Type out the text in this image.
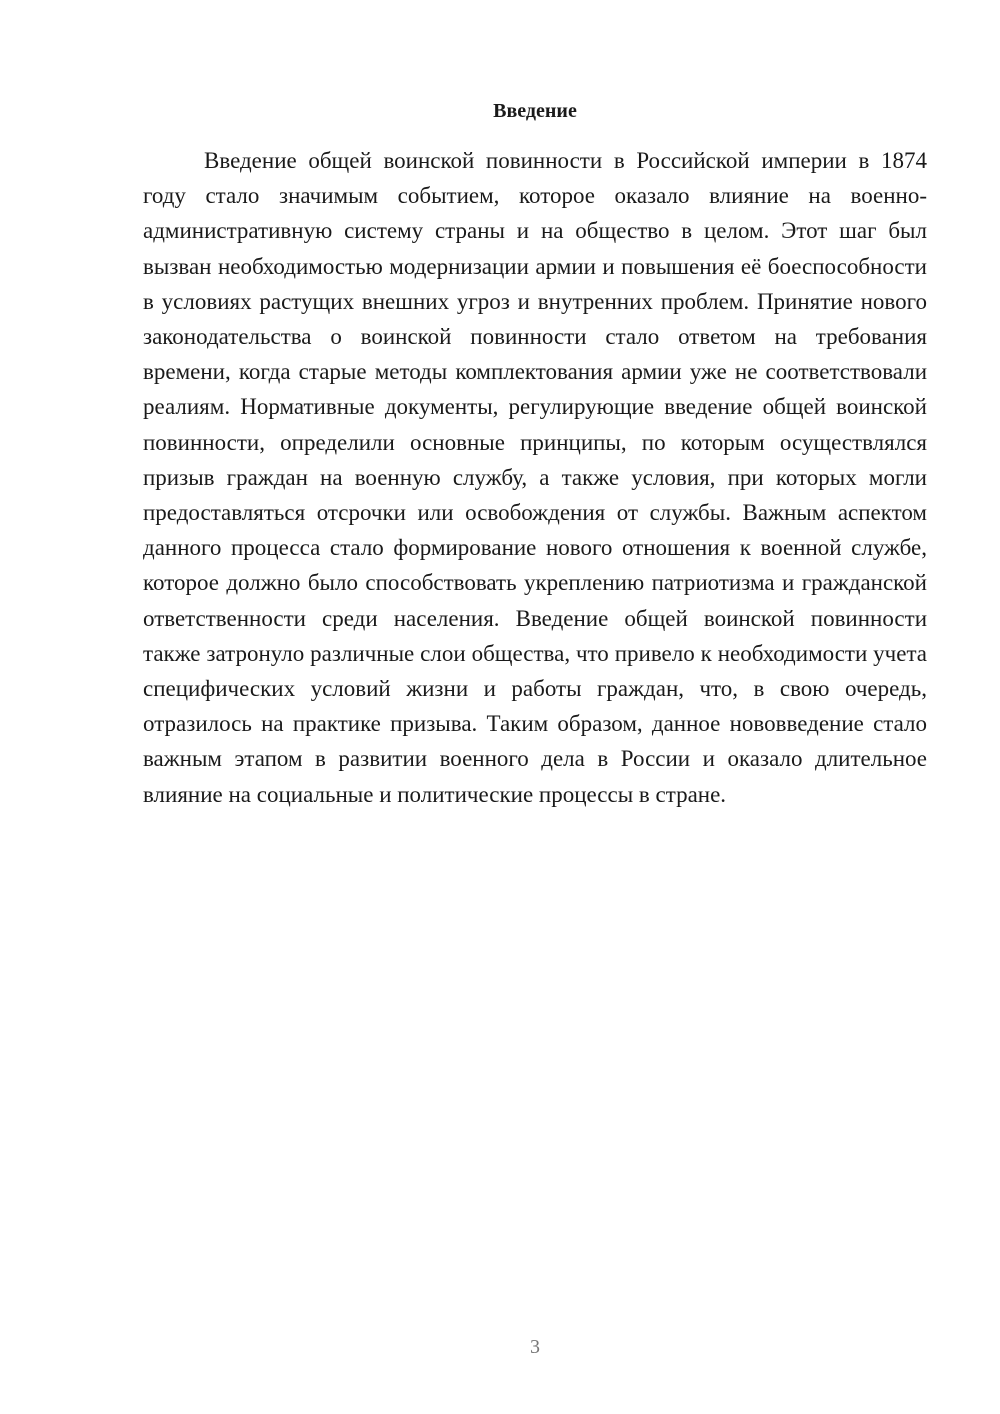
Введение

Введение общей воинской повинности в Российской империи в 1874 году стало значимым событием, которое оказало влияние на военно-административную систему страны и на общество в целом. Этот шаг был вызван необходимостью модернизации армии и повышения её боеспособности в условиях растущих внешних угроз и внутренних проблем. Принятие нового законодательства о воинской повинности стало ответом на требования времени, когда старые методы комплектования армии уже не соответствовали реалиям. Нормативные документы, регулирующие введение общей воинской повинности, определили основные принципы, по которым осуществлялся призыв граждан на военную службу, а также условия, при которых могли предоставляться отсрочки или освобождения от службы. Важным аспектом данного процесса стало формирование нового отношения к военной службе, которое должно было способствовать укреплению патриотизма и гражданской ответственности среди населения. Введение общей воинской повинности также затронуло различные слои общества, что привело к необходимости учета специфических условий жизни и работы граждан, что, в свою очередь, отразилось на практике призыва. Таким образом, данное нововведение стало важным этапом в развитии военного дела в России и оказало длительное влияние на социальные и политические процессы в стране.

3
